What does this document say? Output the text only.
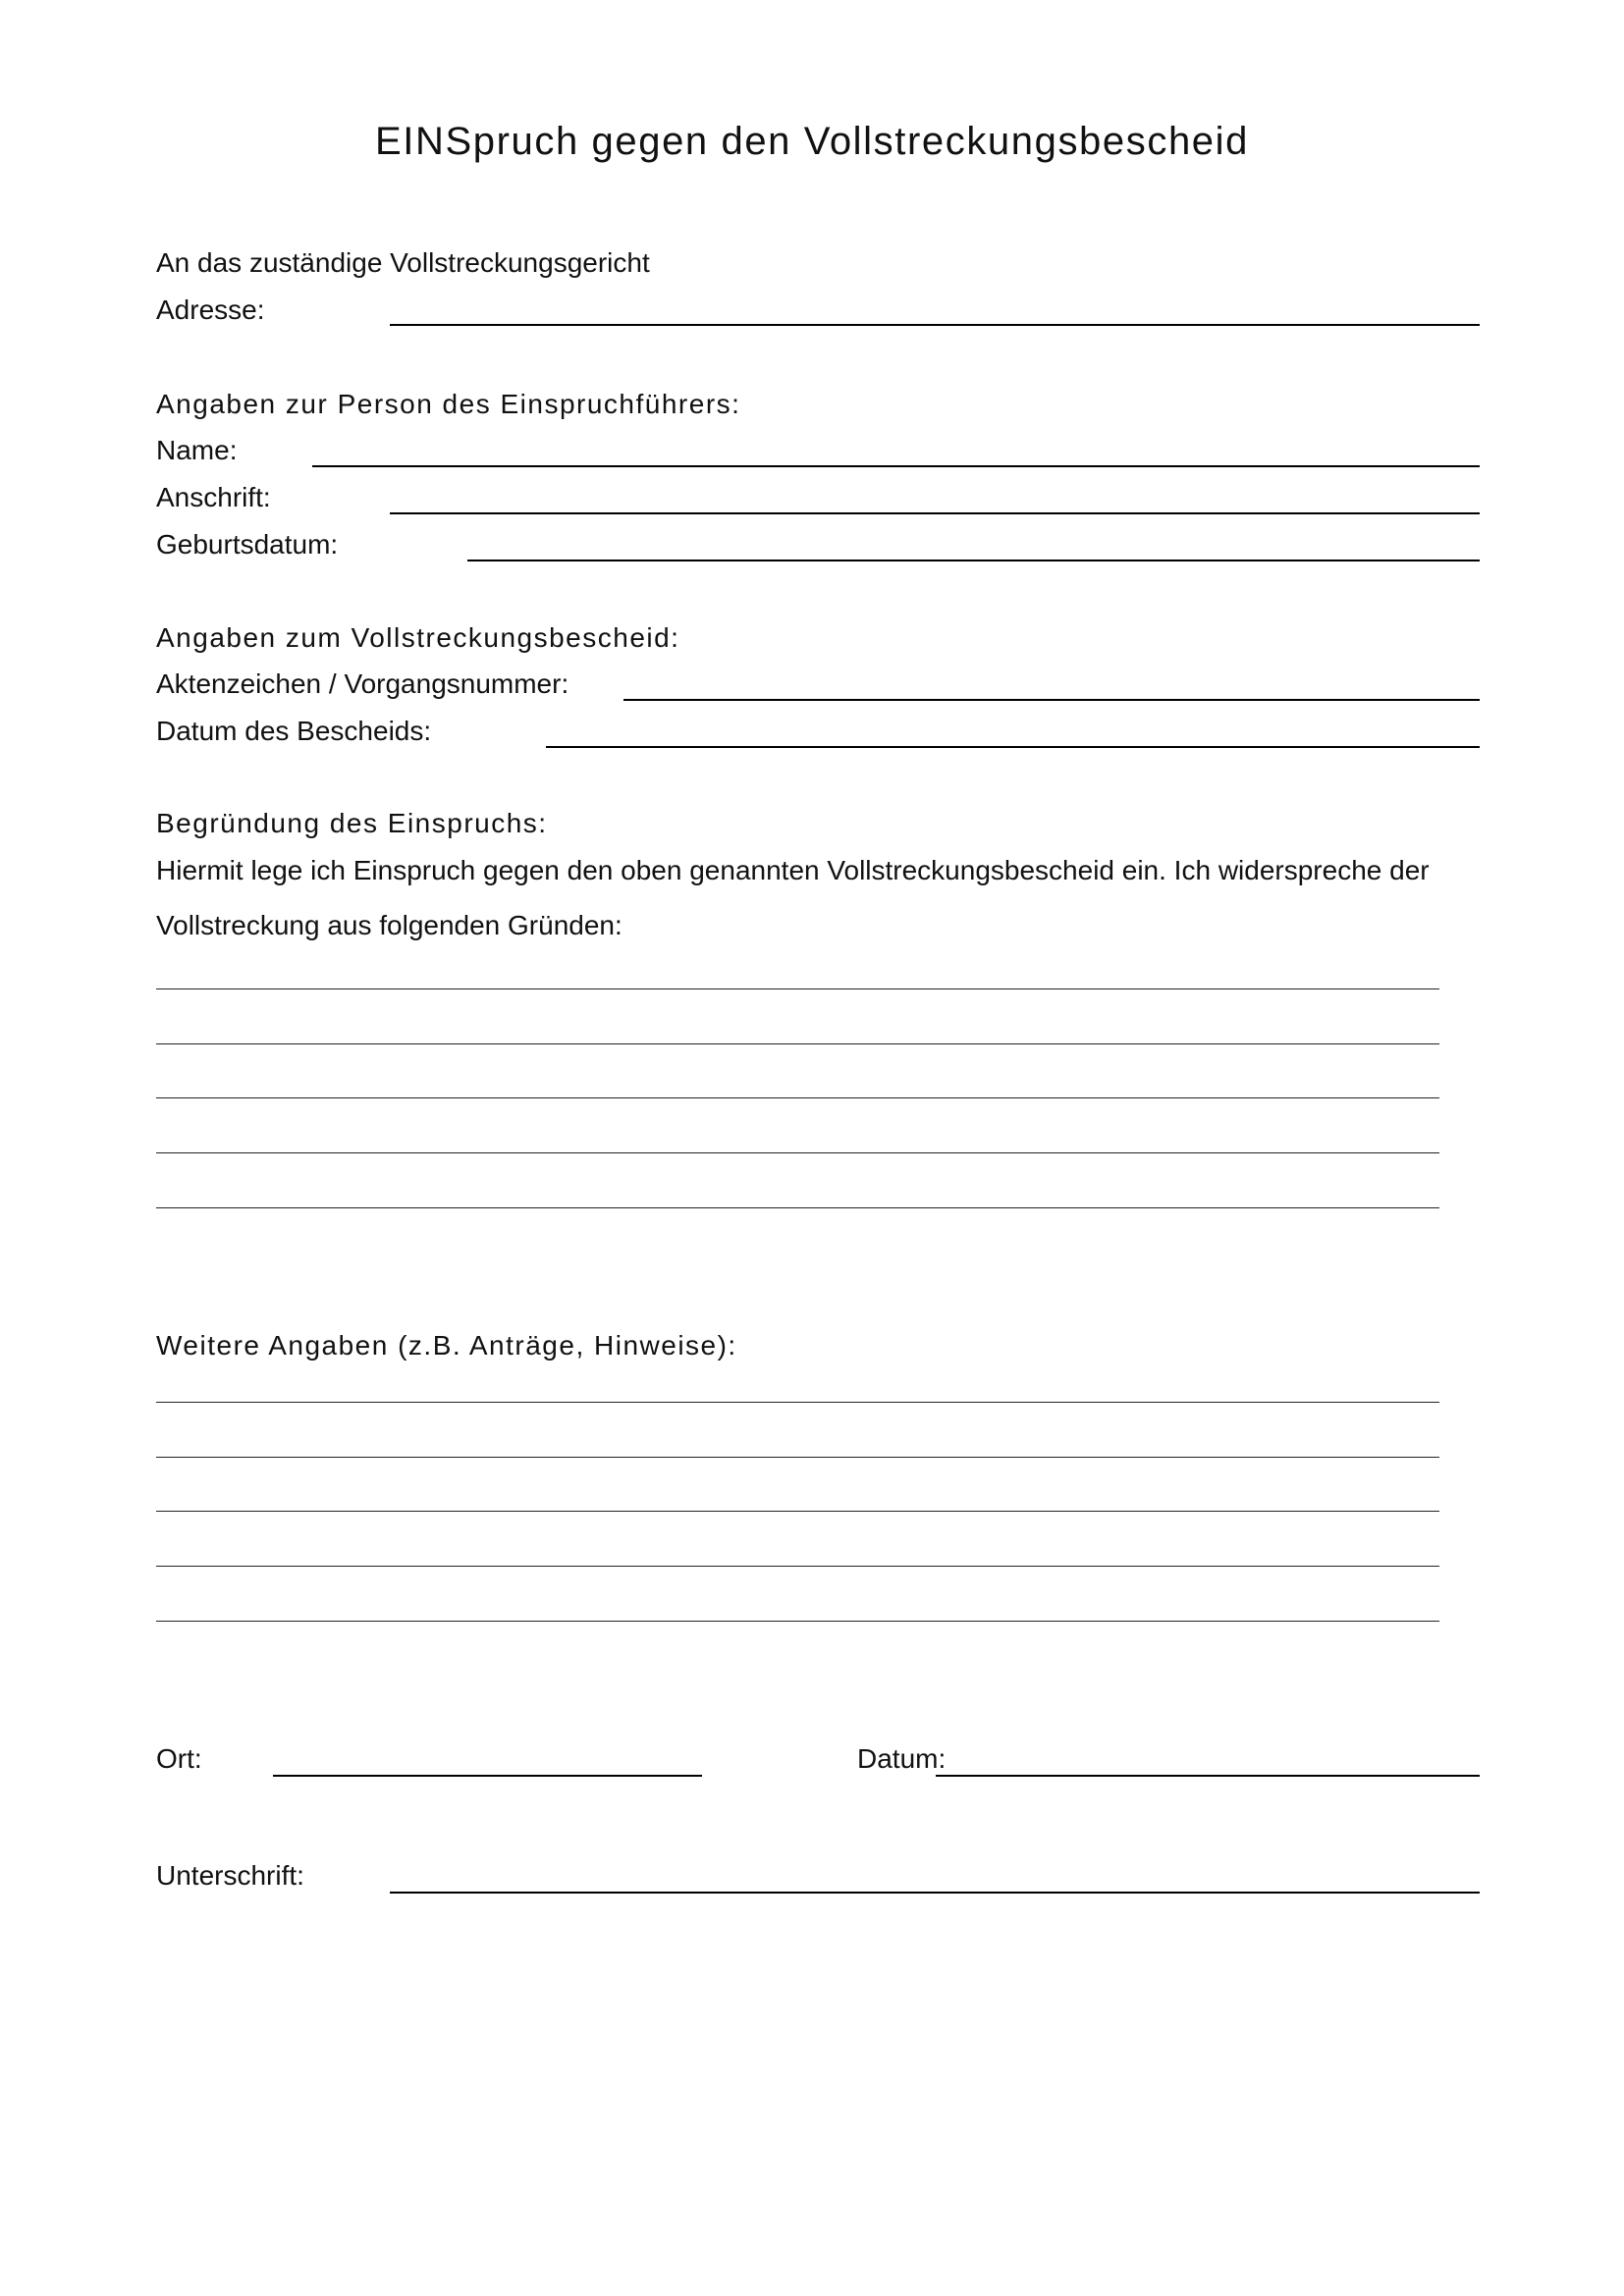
EINSpruch gegen den Vollstreckungsbescheid
An das zuständige Vollstreckungsgericht
Adresse:
Angaben zur Person des Einspruchführers:
Name:
Anschrift:
Geburtsdatum:
Angaben zum Vollstreckungsbescheid:
Aktenzeichen / Vorgangsnummer:
Datum des Bescheids:
Begründung des Einspruchs:
Hiermit lege ich Einspruch gegen den oben genannten Vollstreckungsbescheid ein. Ich widerspreche der
Vollstreckung aus folgenden Gründen:
Weitere Angaben (z.B. Anträge, Hinweise):
Ort:	Datum:
Unterschrift:
